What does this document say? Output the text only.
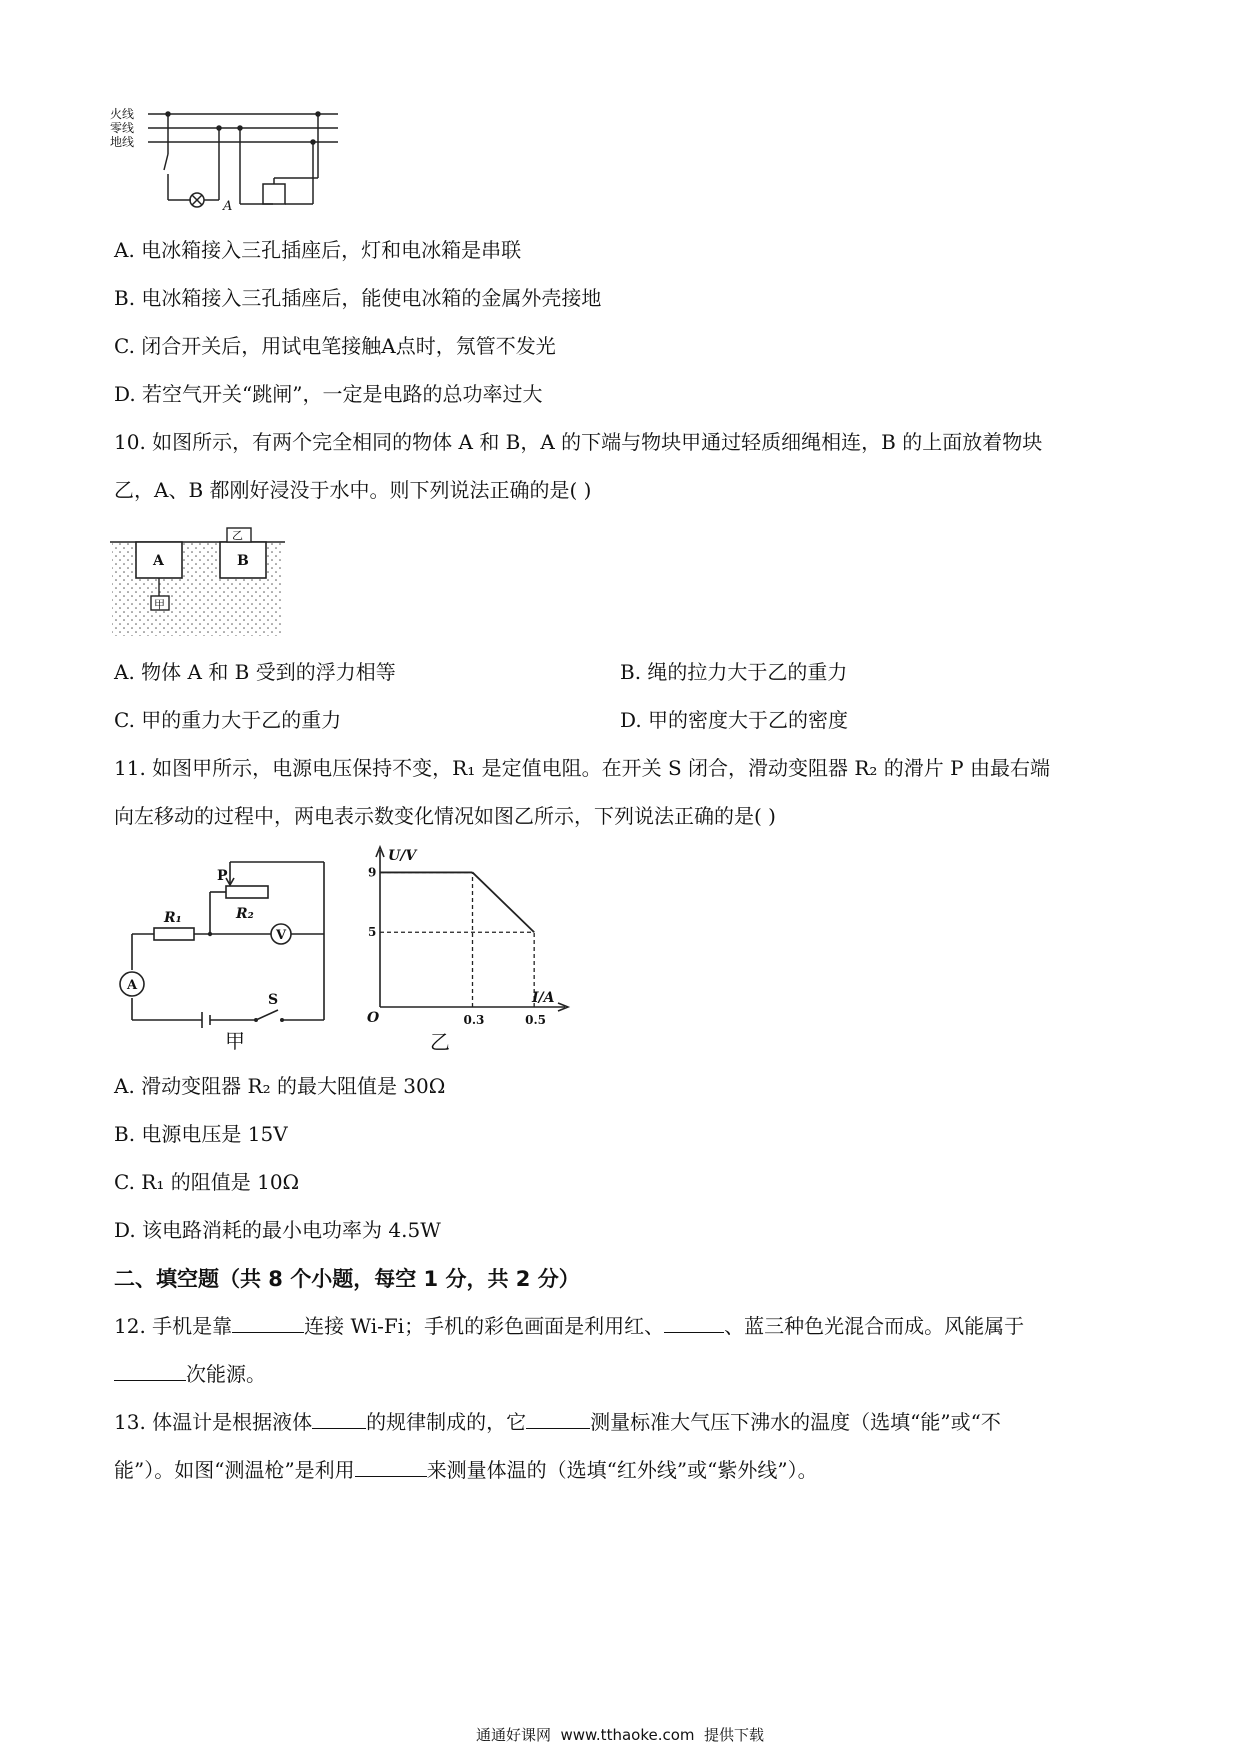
火线
零线
地线
A
A. 电冰箱接入三孔插座后，灯和电冰箱是串联
B. 电冰箱接入三孔插座后，能使电冰箱的金属外壳接地
C. 闭合开关后，用试电笔接触A点时，氖管不发光
D. 若空气开关“跳闸”，一定是电路的总功率过大
10. 如图所示，有两个完全相同的物体 A 和 B，A 的下端与物块甲通过轻质细绳相连，B 的上面放着物块
乙，A、B 都刚好浸没于水中。则下列说法正确的是( )
A	B
甲
乙
A. 物体 A 和 B 受到的浮力相等	B. 绳的拉力大于乙的重力
C. 甲的重力大于乙的重力	D. 甲的密度大于乙的密度
11. 如图甲所示，电源电压保持不变，R₁ 是定值电阻。在开关 S 闭合，滑动变阻器 R₂ 的滑片 P 由最右端
向左移动的过程中，两电表示数变化情况如图乙所示，下列说法正确的是( )
P
R₂
R₁
A
V
S
甲
0.3	0.5
9
5
U/V
I/A
O
乙
A. 滑动变阻器 R₂ 的最大阻值是 30Ω
B. 电源电压是 15V
C. R₁ 的阻值是 10Ω
D. 该电路消耗的最小电功率为 4.5W
二、填空题（共 8 个小题，每空 1 分，共 2 分）
12. 手机是靠	连接 Wi-Fi；手机的彩色画面是利用红、	、蓝三种色光混合而成。风能属于
次能源。
13. 体温计是根据液体	的规律制成的，它	测量标准大气压下沸水的温度（选填“能”或“不
能”）。如图“测温枪”是利用	来测量体温的（选填“红外线”或“紫外线”）。
通通好课网  www.tthaoke.com  提供下载
